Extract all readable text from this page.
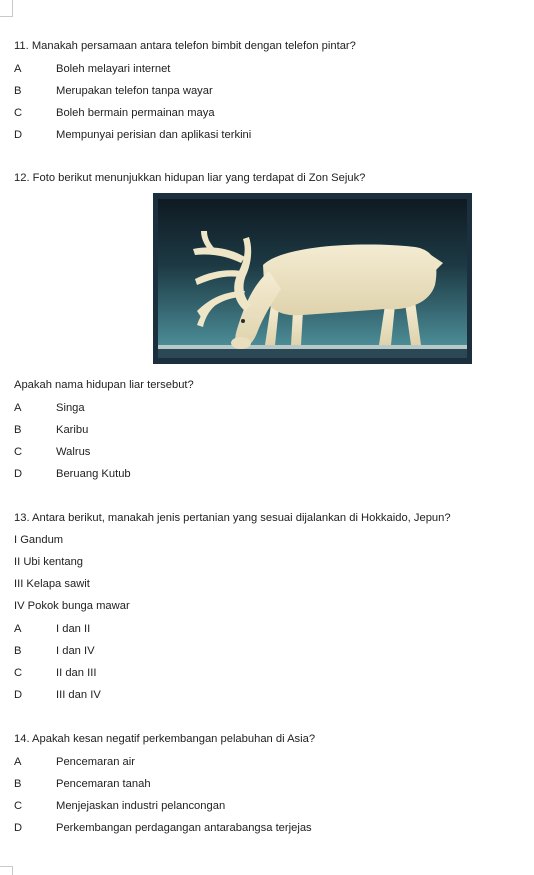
11. Manakah persamaan antara telefon bimbit dengan telefon pintar?
A	Boleh melayari internet
B	Merupakan telefon tanpa wayar
C	Boleh bermain permainan maya
D	Mempunyai perisian dan aplikasi terkini
12. Foto berikut menunjukkan hidupan liar yang terdapat di Zon Sejuk?
Apakah nama hidupan liar tersebut?
A	Singa
B	Karibu
C	Walrus
D	Beruang Kutub
13. Antara berikut, manakah jenis pertanian yang sesuai dijalankan di Hokkaido, Jepun?
I Gandum
II Ubi kentang
III Kelapa sawit
IV Pokok bunga mawar
A	I dan II
B	I dan IV
C	II dan III
D	III dan IV
14. Apakah kesan negatif perkembangan pelabuhan di Asia?
A	Pencemaran air
B	Pencemaran tanah
C	Menjejaskan industri pelancongan
D	Perkembangan perdagangan antarabangsa terjejas
